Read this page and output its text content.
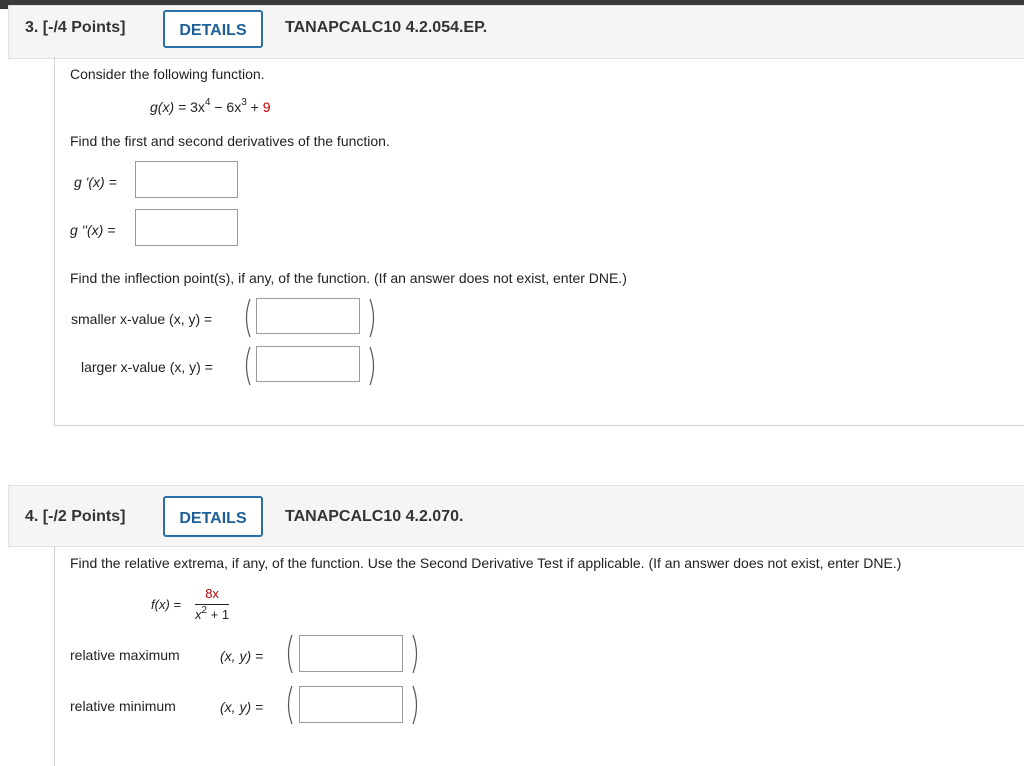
3. [-/4 Points]	DETAILS	TANAPCALC10 4.2.054.EP.
Consider the following function.
$g(x) = 3x^4 - 6x^3 + 9$
Find the first and second derivatives of the function.
g '(x) =
g ''(x) =
Find the inflection point(s), if any, of the function. (If an answer does not exist, enter DNE.)
smaller x-value (x, y) =
larger x-value (x, y) =
4. [-/2 Points]	DETAILS	TANAPCALC10 4.2.070.
Find the relative extrema, if any, of the function. Use the Second Derivative Test if applicable. (If an answer does not exist, enter DNE.)
$f(x) = \frac{8x}{x^2 + 1}$
relative maximum	(x, y) =
relative minimum	(x, y) =
